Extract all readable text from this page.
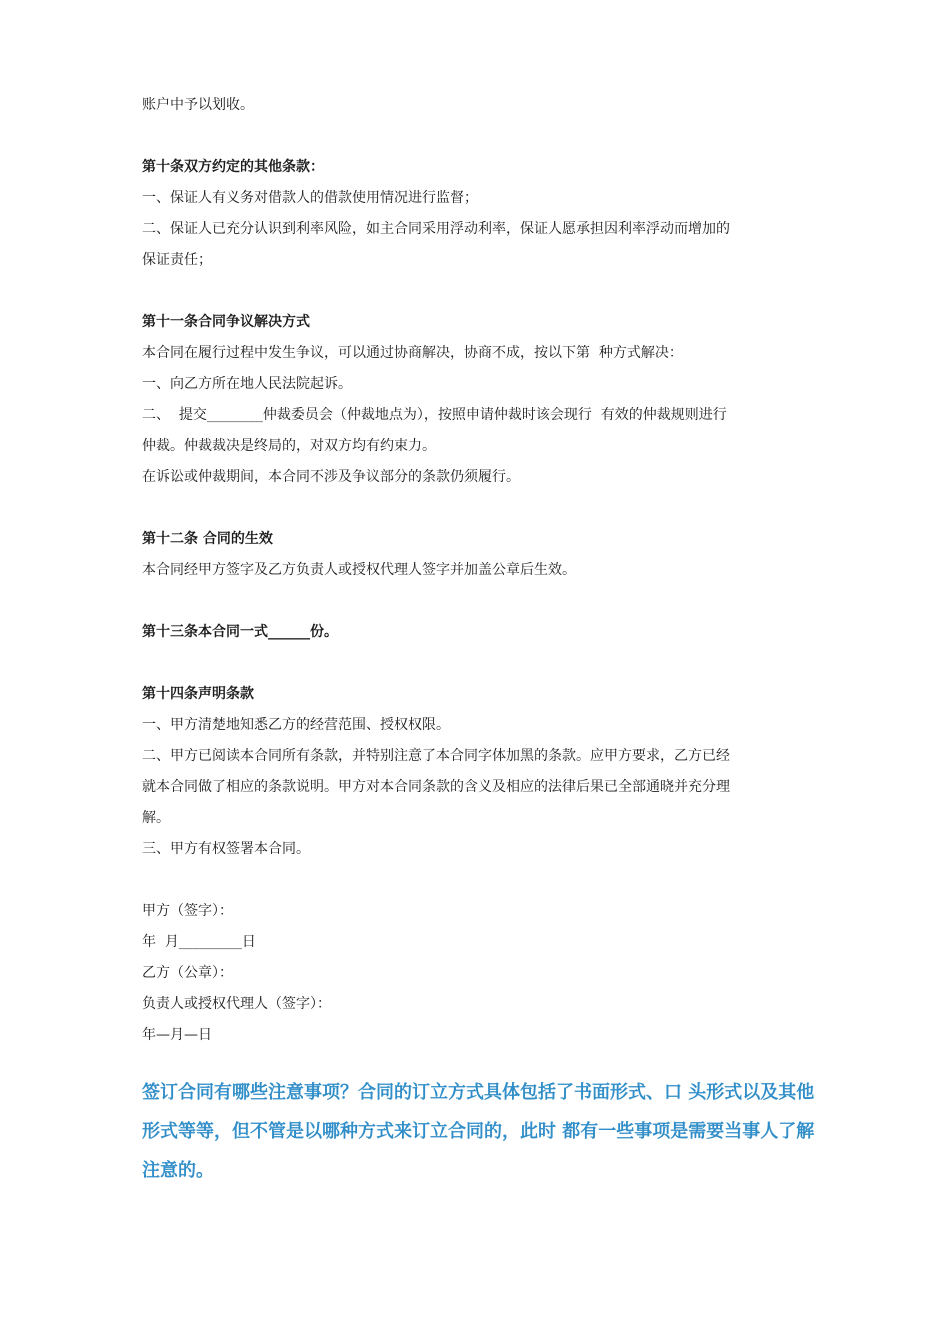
账户中予以划收。

第十条双方约定的其他条款：

一、保证人有义务对借款人的借款使用情况进行监督；

二、保证人已充分认识到利率风险，如主合同采用浮动利率，保证人愿承担因利率浮动而增加的

保证责任；

第十一条合同争议解决方式

本合同在履行过程中发生争议，可以通过协商解决，协商不成，按以下第  种方式解决：

一、向乙方所在地人民法院起诉。

二、  提交________仲裁委员会（仲裁地点为），按照申请仲裁时该会现行  有效的仲裁规则进行

仲裁。仲裁裁决是终局的，对双方均有约束力。

在诉讼或仲裁期间，本合同不涉及争议部分的条款仍须履行。

第十二条 合同的生效

本合同经甲方签字及乙方负责人或授权代理人签字并加盖公章后生效。

第十三条本合同一式______份。

第十四条声明条款

一、甲方清楚地知悉乙方的经营范围、授权权限。

二、甲方已阅读本合同所有条款，并特别注意了本合同字体加黑的条款。应甲方要求，乙方已经

就本合同做了相应的条款说明。甲方对本合同条款的含义及相应的法律后果已全部通晓并充分理

解。

三、甲方有权签署本合同。

甲方（签字）：

年  月_________日

乙方（公章）：

负责人或授权代理人（签字）：

年—月—日

签订合同有哪些注意事项？合同的订立方式具体包括了书面形式、口 头形式以及其他形式等等，但不管是以哪种方式来订立合同的，此时 都有一些事项是需要当事人了解注意的。
